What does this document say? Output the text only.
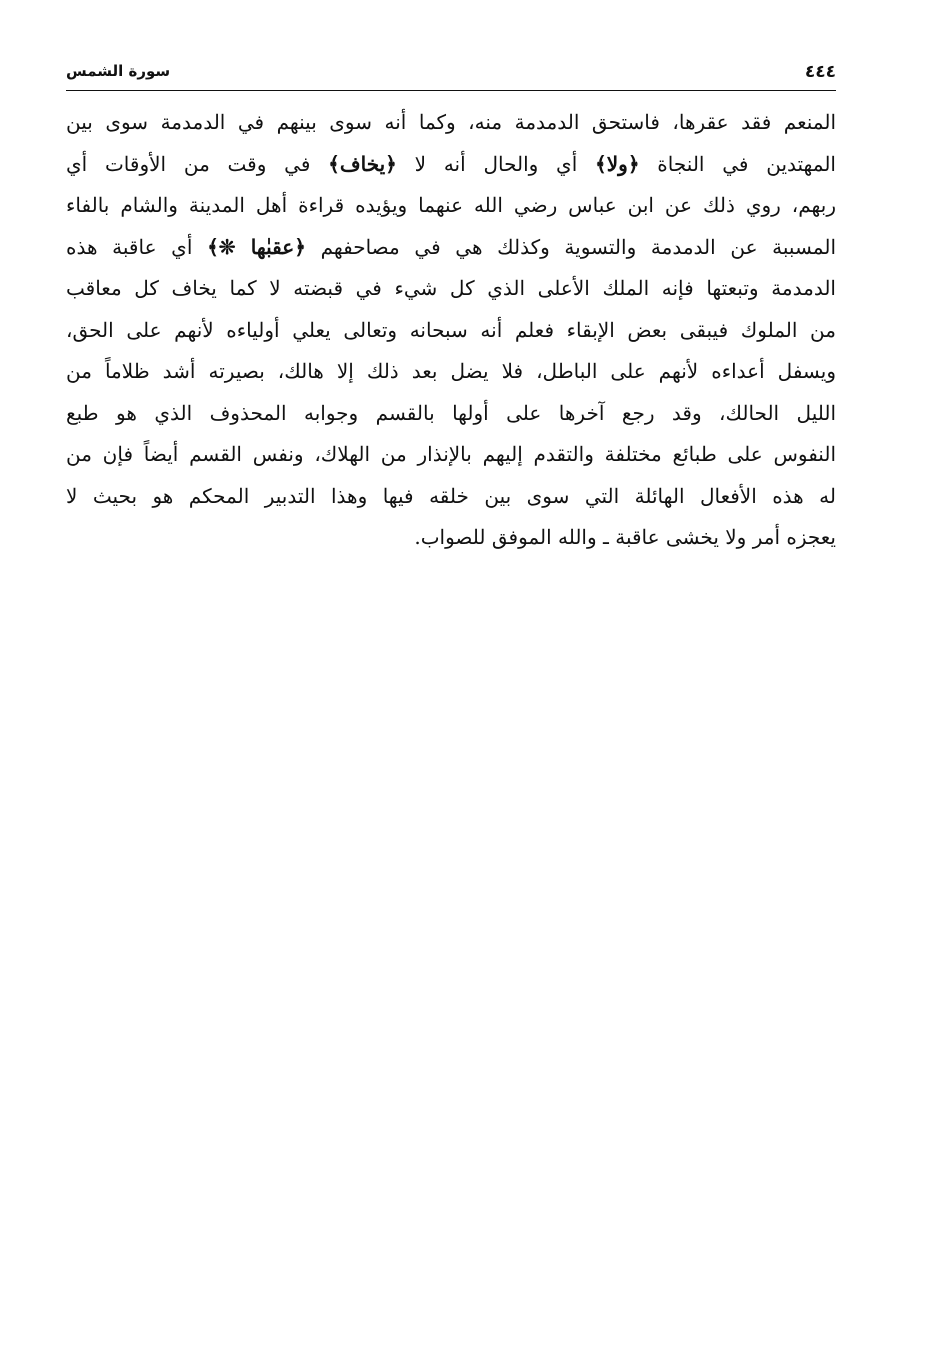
٤٤٤
سورة الشمس
المنعم فقد عقرها، فاستحق الدمدمة منه، وكما أنه سوى بينهم في الدمدمة سوى بين
المهتدين في النجاة ﴿ولا﴾ أي والحال أنه لا ﴿يخاف﴾ في وقت من الأوقات أي
ربهم، روي ذلك عن ابن عباس رضي الله عنهما ويؤيده قراءة أهل المدينة والشام بالفاء
المسببة عن الدمدمة والتسوية وكذلك هي في مصاحفهم ﴿عقبٰها ❊﴾ أي عاقبة هذه
الدمدمة وتبعتها فإنه الملك الأعلى الذي كل شيء في قبضته لا كما يخاف كل معاقب
من الملوك فيبقى بعض الإبقاء فعلم أنه سبحانه وتعالى يعلي أولياءه لأنهم على الحق،
ويسفل أعداءه لأنهم على الباطل، فلا يضل بعد ذلك إلا هالك، بصيرته أشد ظلاماً من
الليل الحالك، وقد رجع آخرها على أولها بالقسم وجوابه المحذوف الذي هو طبع
النفوس على طبائع مختلفة والتقدم إليهم بالإنذار من الهلاك، ونفس القسم أيضاً فإن من
له هذه الأفعال الهائلة التي سوى بين خلقه فيها وهذا التدبير المحكم هو بحيث لا
يعجزه أمر ولا يخشى عاقبة ـ والله الموفق للصواب.
